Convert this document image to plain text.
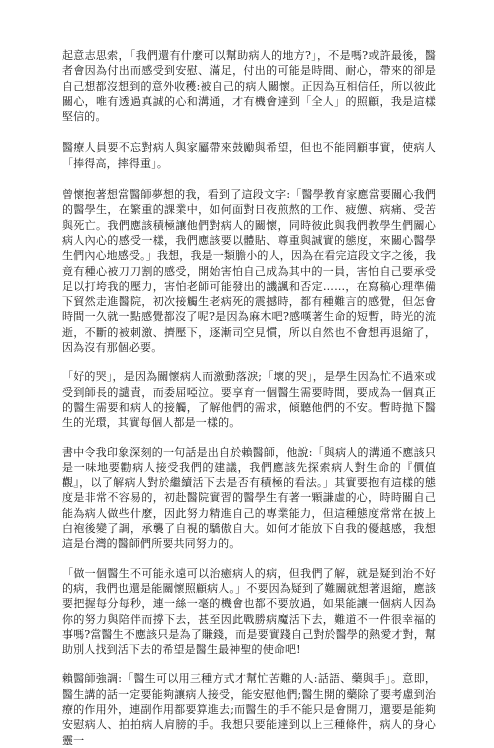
起意志思索，「我們還有什麼可以幫助病人的地方?」，不是嗎?或許最後，醫者會因為付出而感受到安慰、滿足，付出的可能是時間、耐心，帶來的卻是自己想都沒想到的意外收穫:被自己的病人關懷。正因為互相信任，所以彼此關心，唯有透過真誠的心和溝通，才有機會達到「全人」的照顧，我是這樣堅信的。

醫療人員要不忘對病人與家屬帶來鼓勵與希望，但也不能罔顧事實，使病人「捧得高，摔得重」。

曾懷抱著想當醫師夢想的我，看到了這段文字:「醫學教育家應當要關心我們的醫學生，在繁重的課業中，如何面對日夜煎熬的工作、疲憊、病痛、受苦與死亡。我們應該積極讓他們對病人的關懷，同時彼此與我們教學生們關心病人內心的感受一樣，我們應該要以體貼、尊重與誠實的態度，來關心醫學生們內心地感受。」我想，我是一類膽小的人，因為在看完這段文字之後，我竟有種心被刀刀割的感受，開始害怕自己成為其中的一員，害怕自己要承受足以打垮我的壓力，害怕老師可能發出的譏諷和否定……，在寫稿心理準備下貿然走進醫院，初次接觸生老病死的震撼時，都有種難言的感覺，但怎會時間一久就一點感覺都沒了呢?是因為麻木吧?感嘆著生命的短暫，時光的流逝，不斷的被刺激、擠壓下，逐漸司空見慣，所以自然也不會想再退縮了，因為沒有那個必要。

「好的哭」，是因為關懷病人而激動落淚;「壞的哭」，是學生因為忙不過來或受到師長的譴責，而委屈啞泣。要享育一個醫生需要時間，要成為一個真正的醫生需要和病人的接觸，了解他們的需求，傾聽他們的不安。暫時拋下醫生的光環，其實每個人都是一樣的。

書中令我印象深刻的一句話是出自於賴醫師，他說:「與病人的溝通不應該只是一味地要勸病人接受我們的建議，我們應該先探索病人對生命的『價值觀』，以了解病人對於繼續活下去是否有積極的看法。」其實要抱有這樣的態度是非常不容易的，初赴醫院實習的醫學生有著一顆謙虛的心，時時關自己能為病人做些什麼，因此努力精進自己的專業能力，但這種態度常常在披上白袍後變了調，承襲了自視的驕傲自大。如何才能放下自我的優越感，我想這是台灣的醫師們所要共同努力的。

「做一個醫生不可能永遠可以治癒病人的病，但我們了解，就是疑到治不好的病，我們也還是能關懷照顧病人。」不要因為疑到了難關就想著退縮，應該要把握每分每秒，連一絲一毫的機會也都不要放過，如果能讓一個病人因為你的努力與陪伴而撐下去，甚至因此戰勝病魔活下去，難道不一件很幸福的事嗎?當醫生不應該只是為了賺錢，而是要實踐自己對於醫學的熱愛才對，幫助別人找到活下去的希望是醫生最神聖的使命吧!

賴醫師強調:「醫生可以用三種方式才幫忙苦難的人:話語、藥與手」。意即，醫生講的話一定要能夠讓病人接受，能安慰他們;醫生開的藥除了要考慮到治療的作用外，連副作用都要算進去;而醫生的手不能只是會開刀，還要是能夠安慰病人、拍拍病人肩膀的手。我想只要能達到以上三種條件，病人的身心靈一
